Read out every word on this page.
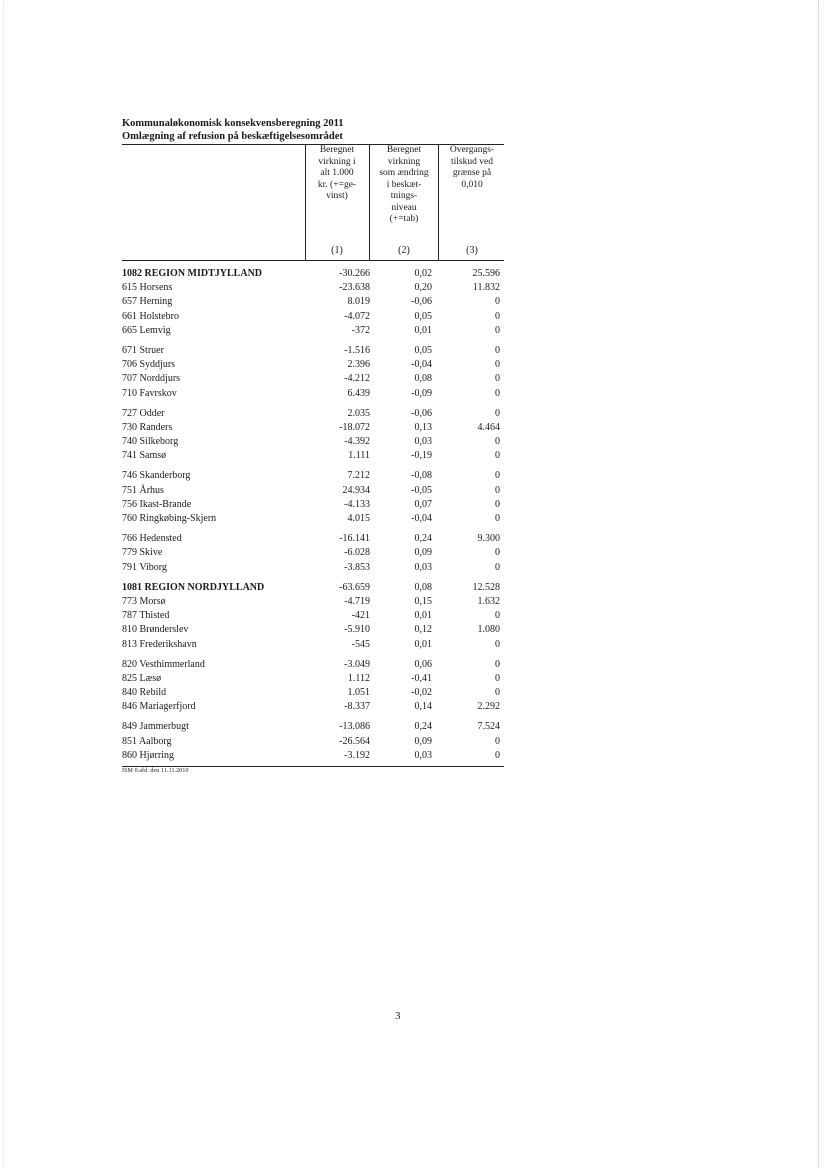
Kommunaløkonomisk konsekvensberegning 2011
Omlægning af refusion på beskæftigelsesområdet
Beregnet
virkning i
alt 1.000
kr. (+=ge-
vinst)
Beregnet
virkning
som ændring
i beskæt-
tnings-
niveau
(+=tab)
Overgangs-
tilskud ved
grænse på
0,010
(1)	(2)	(3)
1082 REGION MIDTJYLLAND	-30.266	0,02	25.596
615 Horsens	-23.638	0,20	11.832
657 Herning	8.019	-0,06	0
661 Holstebro	-4.072	0,05	0
665 Lemvig	-372	0,01	0
671 Struer	-1.516	0,05	0
706 Syddjurs	2.396	-0,04	0
707 Norddjurs	-4.212	0,08	0
710 Favrskov	6.439	-0,09	0
727 Odder	2.035	-0,06	0
730 Randers	-18.072	0,13	4.464
740 Silkeborg	-4.392	0,03	0
741 Samsø	1.111	-0,19	0
746 Skanderborg	7.212	-0,08	0
751 Århus	24.934	-0,05	0
756 Ikast-Brande	-4.133	0,07	0
760 Ringkøbing-Skjern	4.015	-0,04	0
766 Hedensted	-16.141	0,24	9.300
779 Skive	-6.028	0,09	0
791 Viborg	-3.853	0,03	0
1081 REGION NORDJYLLAND	-63.659	0,08	12.528
773 Morsø	-4.719	0,15	1.632
787 Thisted	-421	0,01	0
810 Brønderslev	-5.910	0,12	1.080
813 Frederikshavn	-545	0,01	0
820 Vesthimmerland	-3.049	0,06	0
825 Læsø	1.112	-0,41	0
840 Rebild	1.051	-0,02	0
846 Mariagerfjord	-8.337	0,14	2.292
849 Jammerbugt	-13.086	0,24	7.524
851 Aalborg	-26.564	0,09	0
860 Hjørring	-3.192	0,03	0
ISM 0.afd. den 11.11.2010
3
